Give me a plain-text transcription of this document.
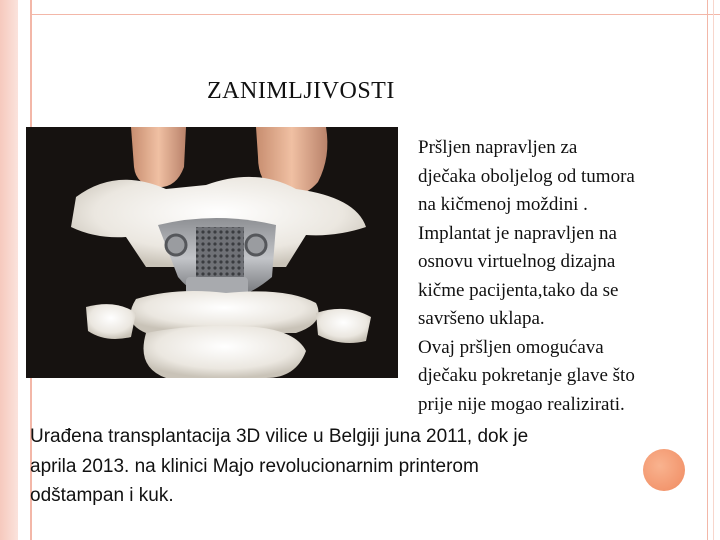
ZANIMLJIVOSTI
Pršljen napravljen za
dječaka oboljelog od tumora
na kičmenoj moždini .
Implantat je napravljen na
osnovu virtuelnog dizajna
kičme pacijenta,tako da se
savršeno uklapa.
Ovaj pršljen omogućava
dječaku pokretanje glave što
prije nije mogao realizirati.
Urađena transplantacija 3D vilice u Belgiji juna 2011, dok je
aprila 2013. na klinici Majo revolucionarnim printerom
odštampan i kuk.
